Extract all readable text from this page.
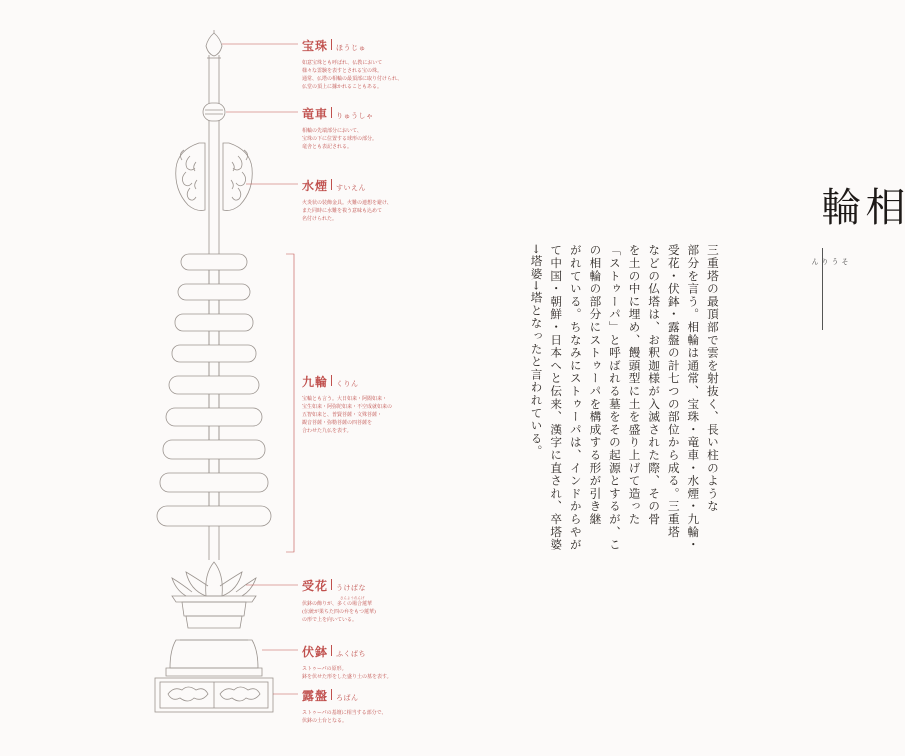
宝珠 ほうじゅ
如意宝珠とも呼ばれ、仏教において
様々な霊験を表すとされる宝の珠。
通常、仏塔の相輪の最頂部に取り付けられ、
仏堂の頂上に據かれることもある。
竜車 りゅうしゃ
相輪の先端部分において、
宝珠の下に位置する球形の部分。
竜舎とも表記される。
水煙 すいえん
火炎状の装飾金具。火難の連想を避け、
また同時に水難を祓う意味も込めて
名付けられた。
九輪 くりん
宝輪とも言う。大日如来・阿閦如来・
宝生如来・阿弥陀如来・不空成就如来の
五智如来と、普賢菩薩・文殊菩薩・
観音菩薩・弥勒菩薩の四菩薩を
合わせた九仏を表す。
受花 うけばな
さんようれんげ
伏鉢の飾りが、多くの場合蓮華
(伝統が果ちた四の弁をもつ蓮華)
の形で上を向いている。
伏鉢 ふくばち
ストゥーパの原形。
鉢を伏せた形をした盛り土の墓を表す。
露盤 ろばん
ストゥーパの基壇に相当する部分で、
伏鉢の土台となる。
三重塔の最頂部で雲を射抜く、長い柱のような
部分を言う。相輪は通常、宝珠・竜車・水煙・九輪・
受花・伏鉢・露盤の計七つの部位から成る。三重塔
などの仏塔は、お釈迦様が入滅された際、その骨
を土の中に埋め、饅頭型に土を盛り上げて造った
「ストゥーパ」と呼ばれる墓をその起源とするが、こ
の相輪の部分にストゥーパを構成する形が引き継
がれている。ちなみにストゥーパは、インドからやが
て中国・朝鮮・日本へと伝来、漢字に直され、卒塔婆
→塔婆→塔となったと言われている。
相輪
そうりん
